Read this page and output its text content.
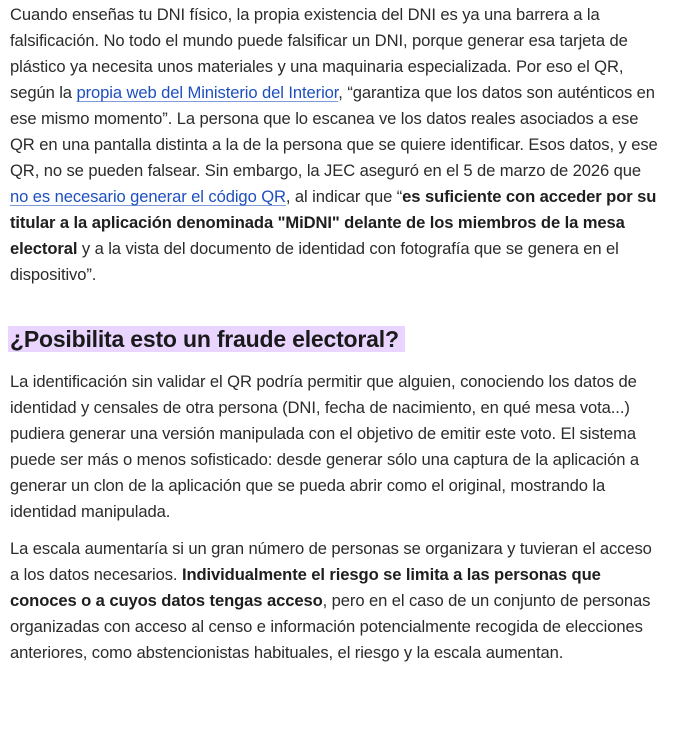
Cuando enseñas tu DNI físico, la propia existencia del DNI es ya una barrera a la falsificación. No todo el mundo puede falsificar un DNI, porque generar esa tarjeta de plástico ya necesita unos materiales y una maquinaria especializada. Por eso el QR, según la propia web del Ministerio del Interior, “garantiza que los datos son auténticos en ese mismo momento”. La persona que lo escanea ve los datos reales asociados a ese QR en una pantalla distinta a la de la persona que se quiere identificar. Esos datos, y ese QR, no se pueden falsear. Sin embargo, la JEC aseguró en el 5 de marzo de 2026 que no es necesario generar el código QR, al indicar que “es suficiente con acceder por su titular a la aplicación denominada "MiDNI" delante de los miembros de la mesa electoral y a la vista del documento de identidad con fotografía que se genera en el dispositivo”.

¿Posibilita esto un fraude electoral?

La identificación sin validar el QR podría permitir que alguien, conociendo los datos de identidad y censales de otra persona (DNI, fecha de nacimiento, en qué mesa vota...) pudiera generar una versión manipulada con el objetivo de emitir este voto. El sistema puede ser más o menos sofisticado: desde generar sólo una captura de la aplicación a generar un clon de la aplicación que se pueda abrir como el original, mostrando la identidad manipulada.

La escala aumentaría si un gran número de personas se organizara y tuvieran el acceso a los datos necesarios. Individualmente el riesgo se limita a las personas que conoces o a cuyos datos tengas acceso, pero en el caso de un conjunto de personas organizadas con acceso al censo e información potencialmente recogida de elecciones anteriores, como abstencionistas habituales, el riesgo y la escala aumentan.
